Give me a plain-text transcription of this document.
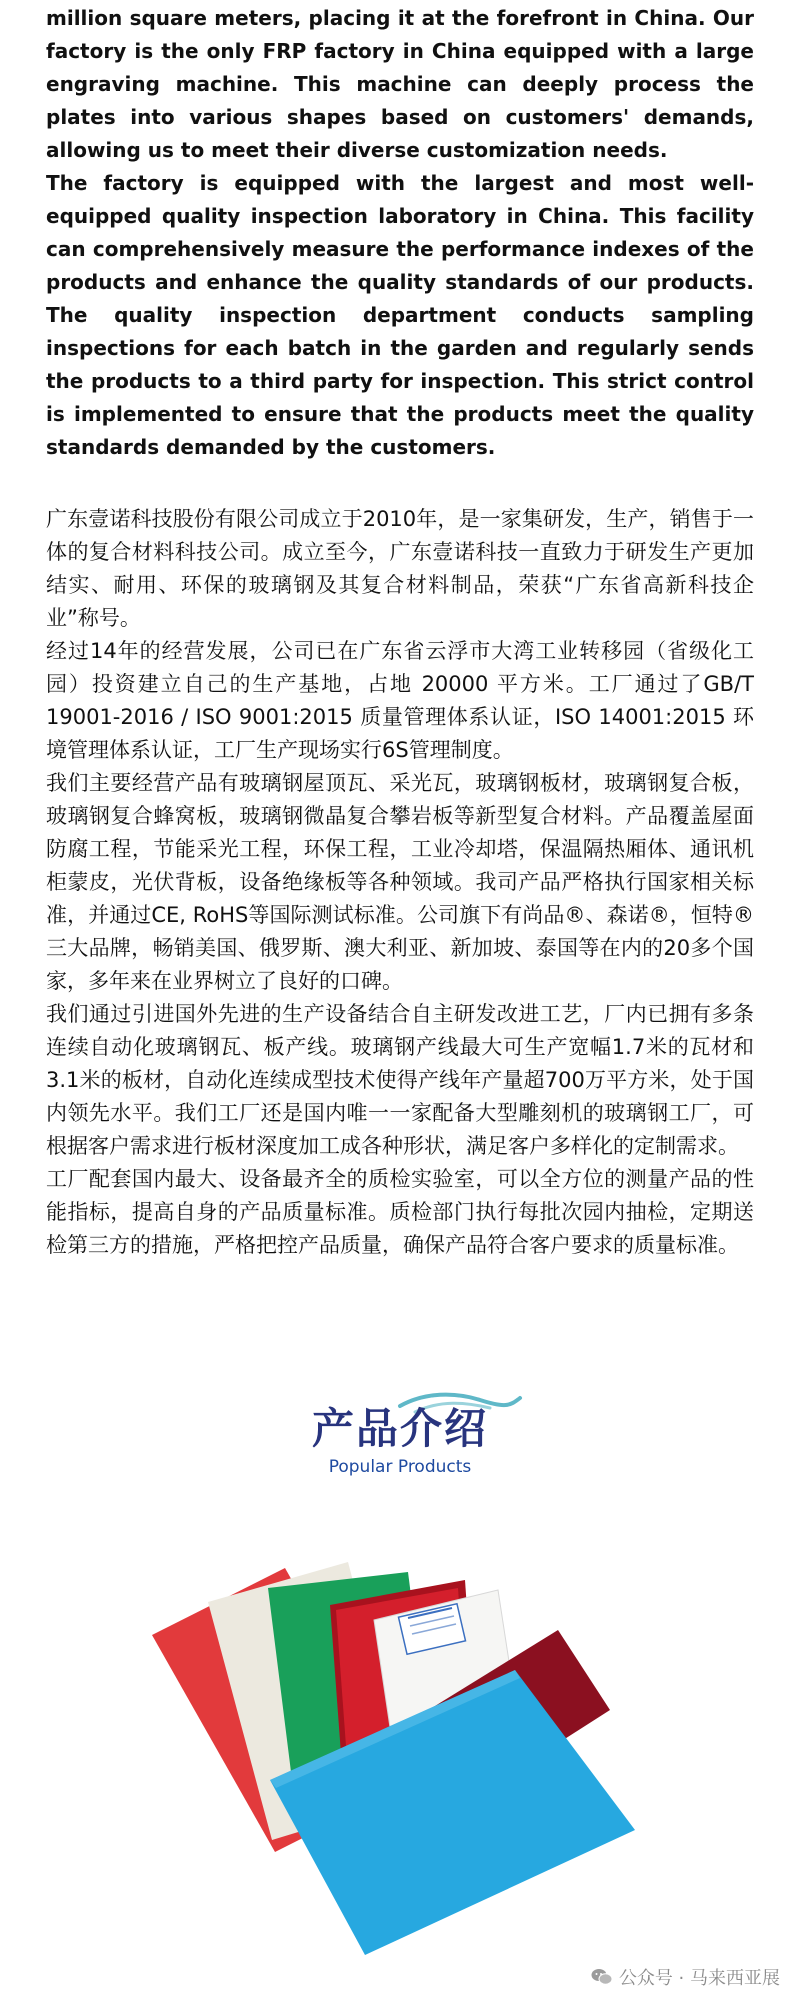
million square meters, placing it at the forefront in China. Our factory is the only FRP factory in China equipped with a large engraving machine. This machine can deeply process the plates into various shapes based on customers' demands, allowing us to meet their diverse customization needs.

The factory is equipped with the largest and most well-equipped quality inspection laboratory in China. This facility can comprehensively measure the performance indexes of the products and enhance the quality standards of our products. The quality inspection department conducts sampling inspections for each batch in the garden and regularly sends the products to a third party for inspection. This strict control is implemented to ensure that the products meet the quality standards demanded by the customers.

广东壹诺科技股份有限公司成立于2010年，是一家集研发，生产，销售于一体的复合材料科技公司。成立至今，广东壹诺科技一直致力于研发生产更加结实、耐用、环保的玻璃钢及其复合材料制品，荣获“广东省高新科技企业”称号。

经过14年的经营发展，公司已在广东省云浮市大湾工业转移园（省级化工园）投资建立自己的生产基地，占地 20000 平方米。工厂通过了GB/T 19001-2016 / ISO 9001:2015 质量管理体系认证，ISO 14001:2015 环境管理体系认证，工厂生产现场实行6S管理制度。

我们主要经营产品有玻璃钢屋顶瓦、采光瓦，玻璃钢板材，玻璃钢复合板，玻璃钢复合蜂窝板，玻璃钢微晶复合攀岩板等新型复合材料。产品覆盖屋面防腐工程，节能采光工程，环保工程，工业冷却塔，保温隔热厢体、通讯机柜蒙皮，光伏背板，设备绝缘板等各种领域。我司产品严格执行国家相关标准，并通过CE, RoHS等国际测试标准。公司旗下有尚品®、森诺®，恒特®三大品牌，畅销美国、俄罗斯、澳大利亚、新加坡、泰国等在内的20多个国家，多年来在业界树立了良好的口碑。

我们通过引进国外先进的生产设备结合自主研发改进工艺，厂内已拥有多条连续自动化玻璃钢瓦、板产线。玻璃钢产线最大可生产宽幅1.7米的瓦材和3.1米的板材，自动化连续成型技术使得产线年产量超700万平方米，处于国内领先水平。我们工厂还是国内唯一一家配备大型雕刻机的玻璃钢工厂，可根据客户需求进行板材深度加工成各种形状，满足客户多样化的定制需求。

工厂配套国内最大、设备最齐全的质检实验室，可以全方位的测量产品的性能指标，提高自身的产品质量标准。质检部门执行每批次园内抽检，定期送检第三方的措施，严格把控产品质量，确保产品符合客户要求的质量标准。

产品介绍
Popular Products
公众号 · 马来西亚展
